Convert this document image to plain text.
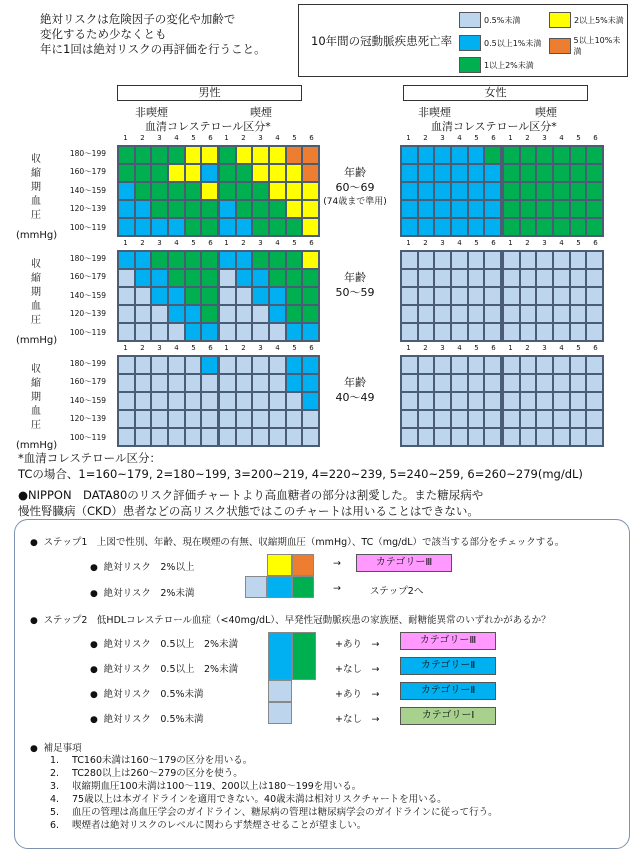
絶対リスクは危険因子の変化や加齢で
変化するため少なくとも
年に1回は絶対リスクの再評価を行うこと。
10年間の冠動脈疾患死亡率
0.5%未満	2以上5%未満
0.5以上1%未満	5以上10%未満
1以上2%未満
男性	女性
非喫煙	喫煙	非喫煙	喫煙
血清コレステロール区分*	血清コレステロール区分*
180～199
160～179
140～159
120～139
100～119
収
縮
期
血
圧
(mmHg)
年齢
60～69
(74歳まで準用)
1	2	3	4	5	6	1	2	3	4	5	6	1	2	3	4	5	6	1	2	3	4	5	6
180～199
160～179
140～159
120～139
100～119
収
縮
期
血
圧
(mmHg)
年齢
50～59
1	2	3	4	5	6	1	2	3	4	5	6	1	2	3	4	5	6	1	2	3	4	5	6
180～199
160～179
140～159
120～139
100～119
収
縮
期
血
圧
(mmHg)
年齢
40～49
1	2	3	4	5	6	1	2	3	4	5	6	1	2	3	4	5	6	1	2	3	4	5	6
*血清コレステロール区分：
TCの場合、1=160~179, 2=180~199, 3=200~219, 4=220~239, 5=240~259, 6=260~279(mg/dL)
●NIPPON　DATA80のリスク評価チャートより高血糖者の部分は割愛した。また糖尿病や
慢性腎臓病（CKD）患者などの高リスク状態ではこのチャートは用いることはできない。
●  ステップ1　上図で性別、年齢、現在喫煙の有無、収縮期血圧（mmHg）、TC（mg/dL）で該当する部分をチェックする。
●  絶対リスク　2%以上
●  絶対リスク　2%未満
→	カテゴリーⅢ
→	ステップ2へ
●  ステップ2　低HDLコレステロール血症（<40mg/dL）、早発性冠動脈疾患の家族歴、耐糖能異常のいずれかがあるか？
●  絶対リスク　0.5以上　2%未満	+あり　→	カテゴリーⅢ
●  絶対リスク　0.5以上　2%未満	+なし　→	カテゴリーⅡ
●  絶対リスク　0.5%未満	+あり　→	カテゴリーⅡ
●  絶対リスク　0.5%未満	+なし　→	カテゴリーⅠ
●  補足事項
1. TC160未満は160～179の区分を用いる。
2. TC280以上は260～279の区分を使う。
3. 収縮期血圧100未満は100～119、200以上は180～199を用いる。
4. 75歳以上は本ガイドラインを適用できない。40歳未満は相対リスクチャートを用いる。
5. 血圧の管理は高血圧学会のガイドライン、糖尿病の管理は糖尿病学会のガイドラインに従って行う。
6. 喫煙者は絶対リスクのレベルに関わらず禁煙させることが望ましい。
